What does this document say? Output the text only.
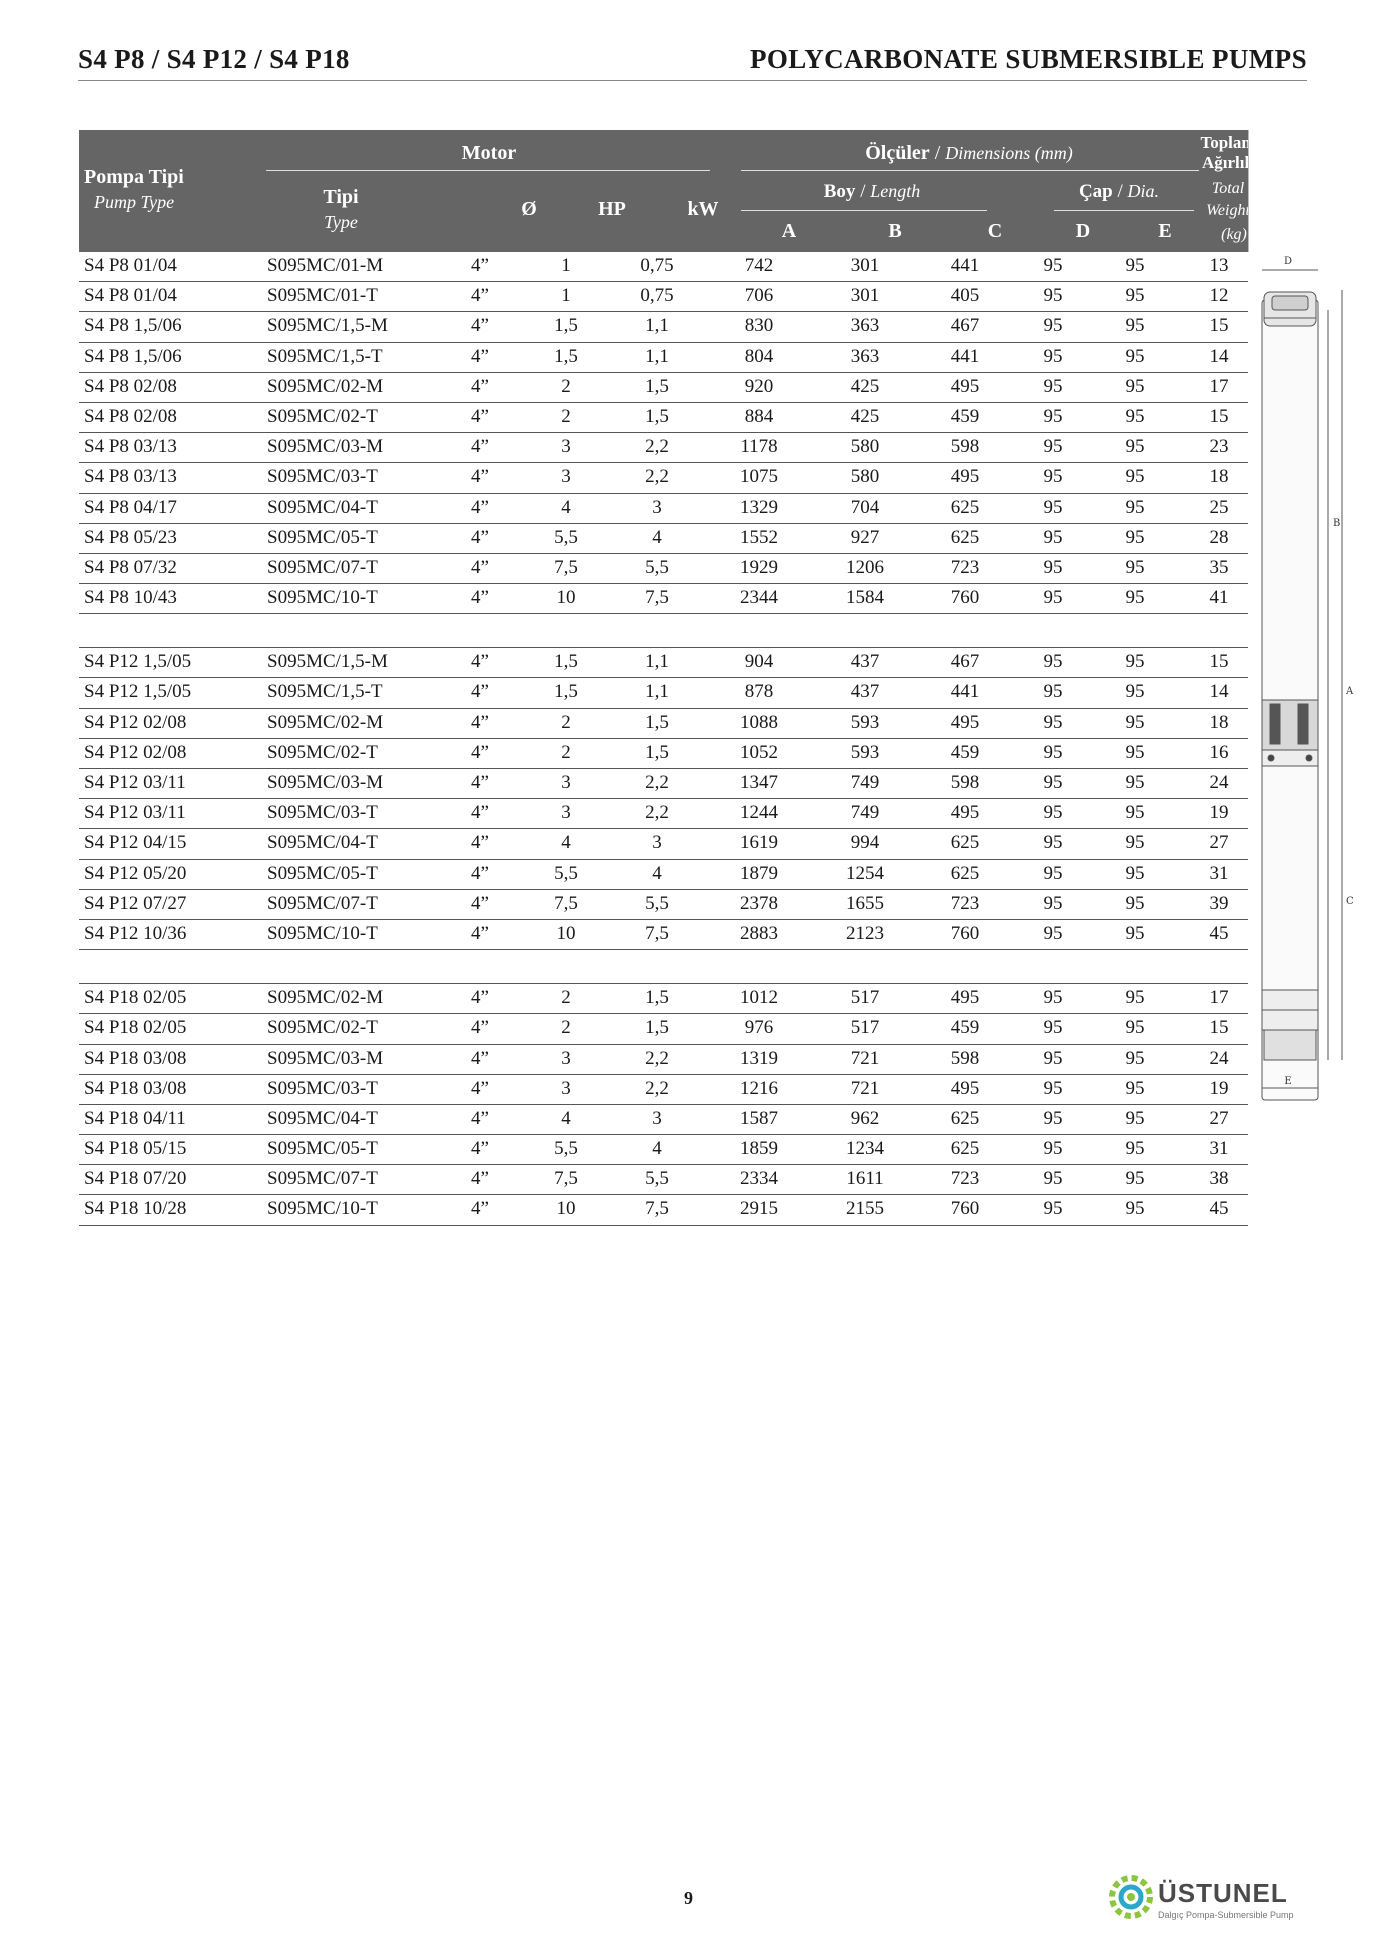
S4 P8 / S4 P12 / S4 P18	POLYCARBONATE SUBMERSIBLE PUMPS
Pompa Tipi
Pump Type
Motor
Tipi
Type
Ø	HP	kW
Ölçüler / Dimensions (mm)
Boy / Length	Çap / Dia.
A	B	C	D	E
Toplam
Ağırlık
Total
Weight
(kg)
S4 P8 01/04	S095MC/01-M	4”	1	0,75	742	301	441	95	95	13
S4 P8 01/04	S095MC/01-T	4”	1	0,75	706	301	405	95	95	12
S4 P8 1,5/06	S095MC/1,5-M	4”	1,5	1,1	830	363	467	95	95	15
S4 P8 1,5/06	S095MC/1,5-T	4”	1,5	1,1	804	363	441	95	95	14
S4 P8 02/08	S095MC/02-M	4”	2	1,5	920	425	495	95	95	17
S4 P8 02/08	S095MC/02-T	4”	2	1,5	884	425	459	95	95	15
S4 P8 03/13	S095MC/03-M	4”	3	2,2	1178	580	598	95	95	23
S4 P8 03/13	S095MC/03-T	4”	3	2,2	1075	580	495	95	95	18
S4 P8 04/17	S095MC/04-T	4”	4	3	1329	704	625	95	95	25
S4 P8 05/23	S095MC/05-T	4”	5,5	4	1552	927	625	95	95	28
S4 P8 07/32	S095MC/07-T	4”	7,5	5,5	1929	1206	723	95	95	35
S4 P8 10/43	S095MC/10-T	4”	10	7,5	2344	1584	760	95	95	41
S4 P12 1,5/05	S095MC/1,5-M	4”	1,5	1,1	904	437	467	95	95	15
S4 P12 1,5/05	S095MC/1,5-T	4”	1,5	1,1	878	437	441	95	95	14
S4 P12 02/08	S095MC/02-M	4”	2	1,5	1088	593	495	95	95	18
S4 P12 02/08	S095MC/02-T	4”	2	1,5	1052	593	459	95	95	16
S4 P12 03/11	S095MC/03-M	4”	3	2,2	1347	749	598	95	95	24
S4 P12 03/11	S095MC/03-T	4”	3	2,2	1244	749	495	95	95	19
S4 P12 04/15	S095MC/04-T	4”	4	3	1619	994	625	95	95	27
S4 P12 05/20	S095MC/05-T	4”	5,5	4	1879	1254	625	95	95	31
S4 P12 07/27	S095MC/07-T	4”	7,5	5,5	2378	1655	723	95	95	39
S4 P12 10/36	S095MC/10-T	4”	10	7,5	2883	2123	760	95	95	45
S4 P18 02/05	S095MC/02-M	4”	2	1,5	1012	517	495	95	95	17
S4 P18 02/05	S095MC/02-T	4”	2	1,5	976	517	459	95	95	15
S4 P18 03/08	S095MC/03-M	4”	3	2,2	1319	721	598	95	95	24
S4 P18 03/08	S095MC/03-T	4”	3	2,2	1216	721	495	95	95	19
S4 P18 04/11	S095MC/04-T	4”	4	3	1587	962	625	95	95	27
S4 P18 05/15	S095MC/05-T	4”	5,5	4	1859	1234	625	95	95	31
S4 P18 07/20	S095MC/07-T	4”	7,5	5,5	2334	1611	723	95	95	38
S4 P18 10/28	S095MC/10-T	4”	10	7,5	2915	2155	760	95	95	45
D
B
A
C
E
9	ÜSTUNEL
Dalgıç Pompa-Submersible Pump
